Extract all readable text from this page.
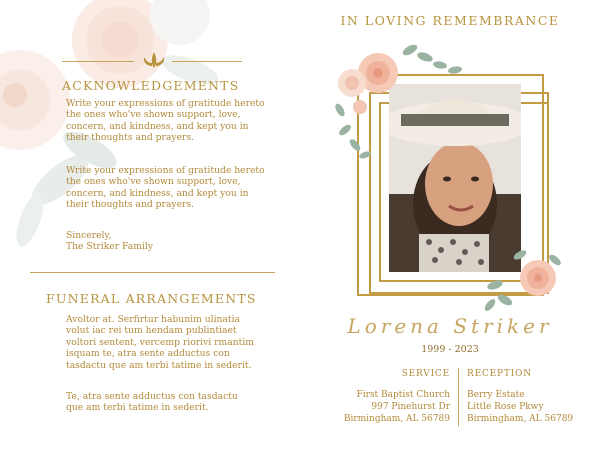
ACKNOWLEDGEMENTS
Write your expressions of gratitude hereto the ones who've shown support, love, concern, and kindness, and kept you in their thoughts and prayers.
Write your expressions of gratitude hereto the ones who've shown support, love, concern, and kindness, and kept you in their thoughts and prayers.
Sincerely,
The Striker Family
FUNERAL ARRANGEMENTS
Avoltor at. Serfirtur habunim ulinatia volut iac rei tum hendam publintiaet voltori sentent, vercemp riorivi rmantim isquam te, atra sente adductus con tasdactu que am terbi tatime in sederit.
Te, atra sente adductus con tasdactu que am terbi tatime in sederit.
IN LOVING REMEMBRANCE
Lorena Striker
1999 - 2023
SERVICE RECEPTION
First Baptist Church
997 Pinehurst Dr
Birmingham, AL 56789
Berry Estate
Little Rose Pkwy
Birmingham, AL 56789
